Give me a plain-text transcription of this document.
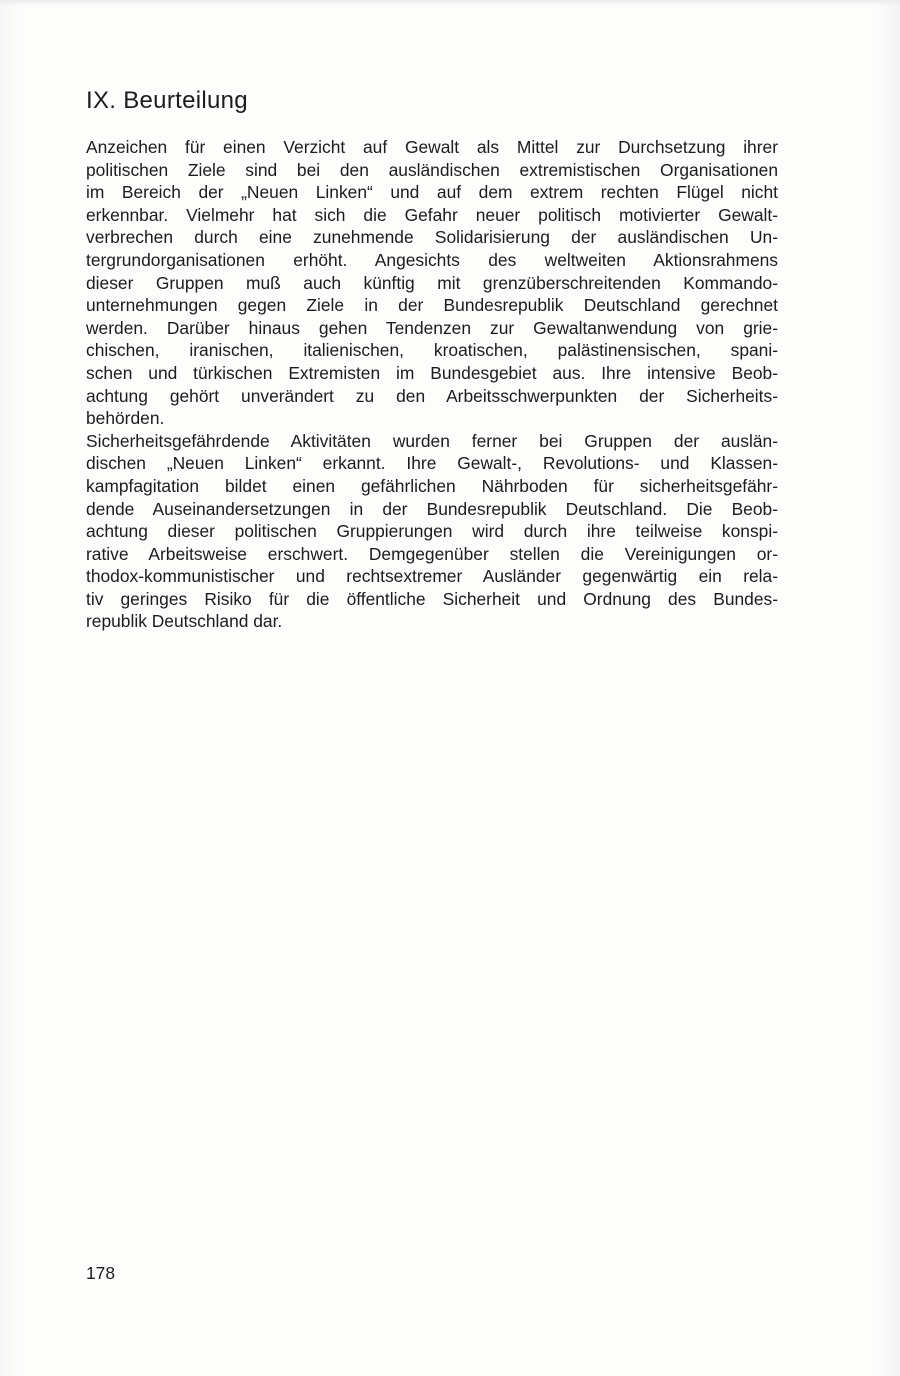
IX. Beurteilung
Anzeichen für einen Verzicht auf Gewalt als Mittel zur Durchsetzung ihrer
politischen Ziele sind bei den ausländischen extremistischen Organisationen
im Bereich der „Neuen Linken“ und auf dem extrem rechten Flügel nicht
erkennbar. Vielmehr hat sich die Gefahr neuer politisch motivierter Gewalt-
verbrechen durch eine zunehmende Solidarisierung der ausländischen Un-
tergrundorganisationen erhöht. Angesichts des weltweiten Aktionsrahmens
dieser Gruppen muß auch künftig mit grenzüberschreitenden Kommando-
unternehmungen gegen Ziele in der Bundesrepublik Deutschland gerechnet
werden. Darüber hinaus gehen Tendenzen zur Gewaltanwendung von grie-
chischen, iranischen, italienischen, kroatischen, palästinensischen, spani-
schen und türkischen Extremisten im Bundesgebiet aus. Ihre intensive Beob-
achtung gehört unverändert zu den Arbeitsschwerpunkten der Sicherheits-
behörden.
Sicherheitsgefährdende Aktivitäten wurden ferner bei Gruppen der auslän-
dischen „Neuen Linken“ erkannt. Ihre Gewalt-, Revolutions- und Klassen-
kampfagitation bildet einen gefährlichen Nährboden für sicherheitsgefähr-
dende Auseinandersetzungen in der Bundesrepublik Deutschland. Die Beob-
achtung dieser politischen Gruppierungen wird durch ihre teilweise konspi-
rative Arbeitsweise erschwert. Demgegenüber stellen die Vereinigungen or-
thodox-kommunistischer und rechtsextremer Ausländer gegenwärtig ein rela-
tiv geringes Risiko für die öffentliche Sicherheit und Ordnung des Bundes-
republik Deutschland dar.
178
